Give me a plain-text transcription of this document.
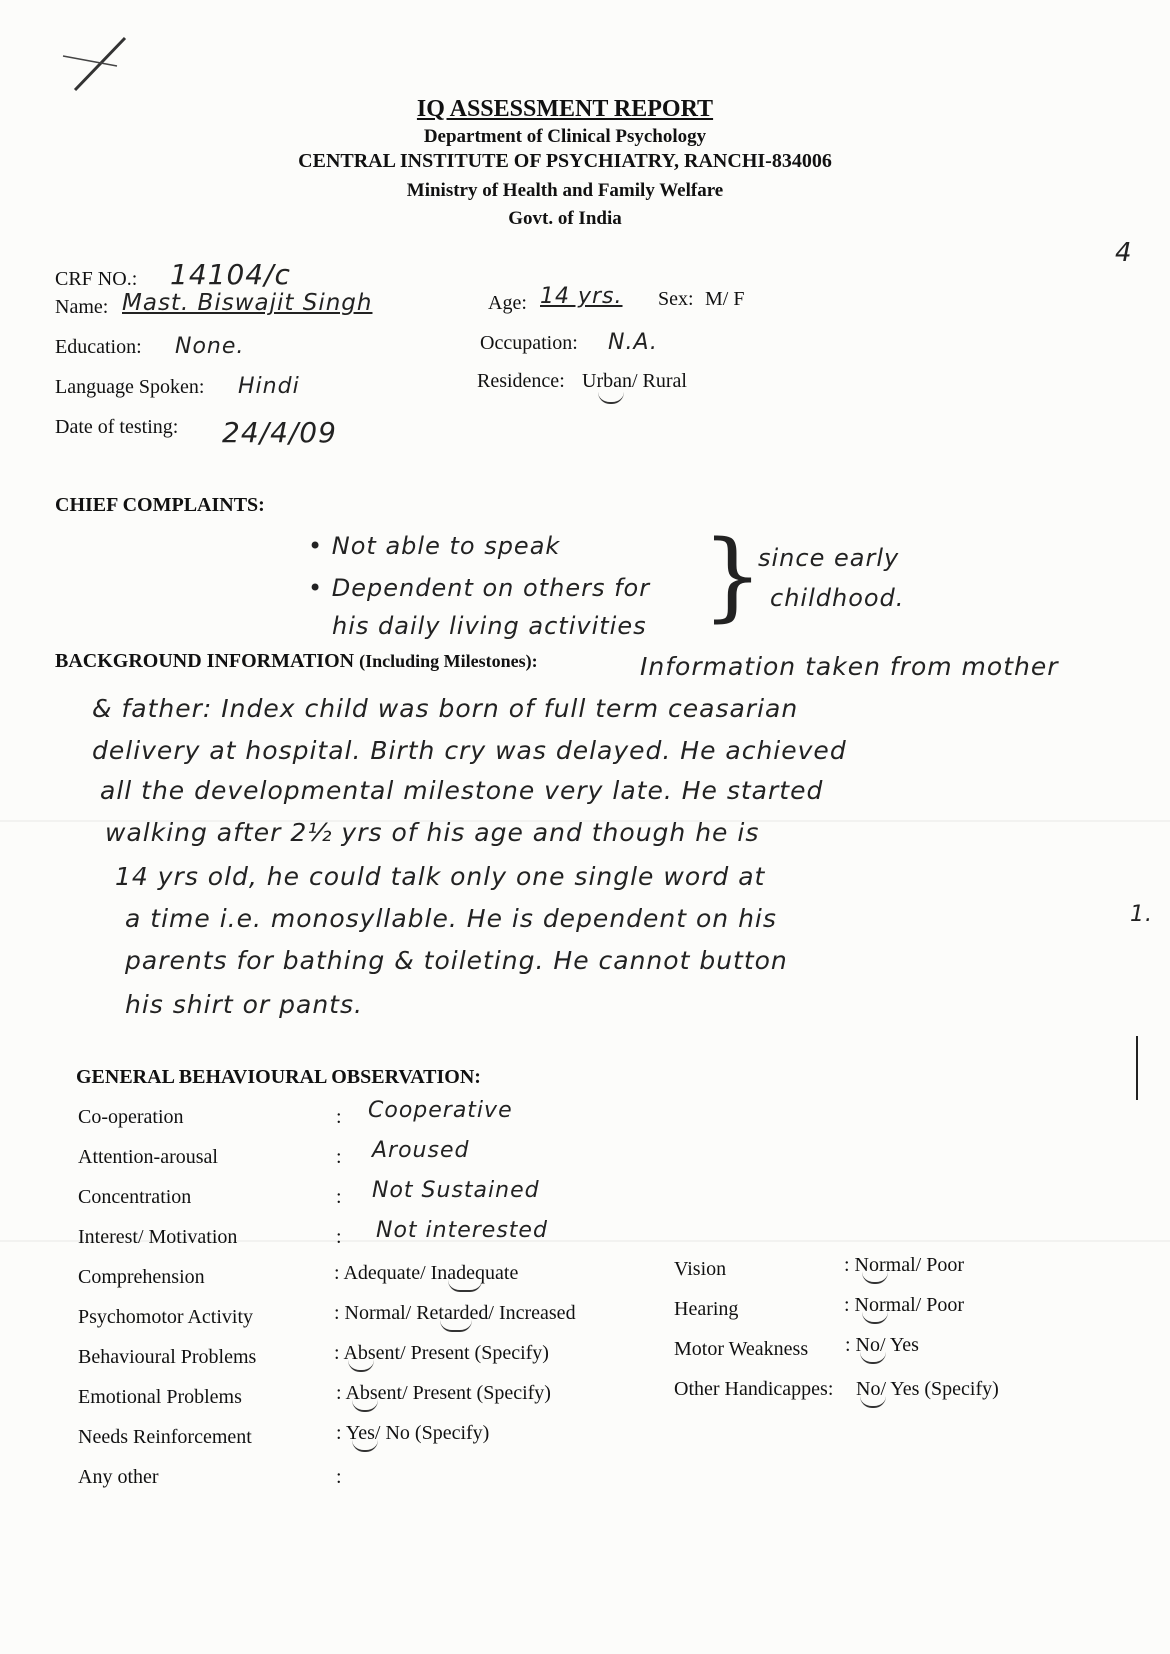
IQ ASSESSMENT REPORT
Department of Clinical Psychology
CENTRAL INSTITUTE OF PSYCHIATRY, RANCHI-834006
Ministry of Health and Family Welfare
Govt. of India
4
CRF NO.: 14104/c
Name: Mast. Biswajit Singh	Age: 14 yrs. Sex: M/ F
Education: None.	Occupation: N.A.
Language Spoken: Hindi	Residence: Urban/ Rural
Date of testing: 24/4/09
CHIEF COMPLAINTS:
• Not able to speak
• Dependent on others for
his daily living activities }
since early
childhood.
BACKGROUND INFORMATION (Including Milestones):	Information taken from mother
& father: Index child was born of full term ceasarian
delivery at hospital. Birth cry was delayed. He achieved
all the developmental milestone very late. He started
walking after 2½ yrs of his age and though he is
14 yrs old, he could talk only one single word at
a time i.e. monosyllable. He is dependent on his
parents for bathing & toileting. He cannot button
his shirt or pants.
1.
GENERAL BEHAVIOURAL OBSERVATION:
Co-operation	: Cooperative
Attention-arousal	: Aroused
Concentration	: Not Sustained
Interest/ Motivation	: Not interested
Comprehension	: Adequate/ Inadequate
Psychomotor Activity	: Normal/ Retarded/ Increased
Behavioural Problems	: Absent/ Present (Specify)
Emotional Problems	: Absent/ Present (Specify)
Needs Reinforcement	: Yes/ No (Specify)
Any other	:
Vision	: Normal/ Poor
Hearing	: Normal/ Poor
Motor Weakness : No/ Yes
Other Handicappes: No/ Yes (Specify)
